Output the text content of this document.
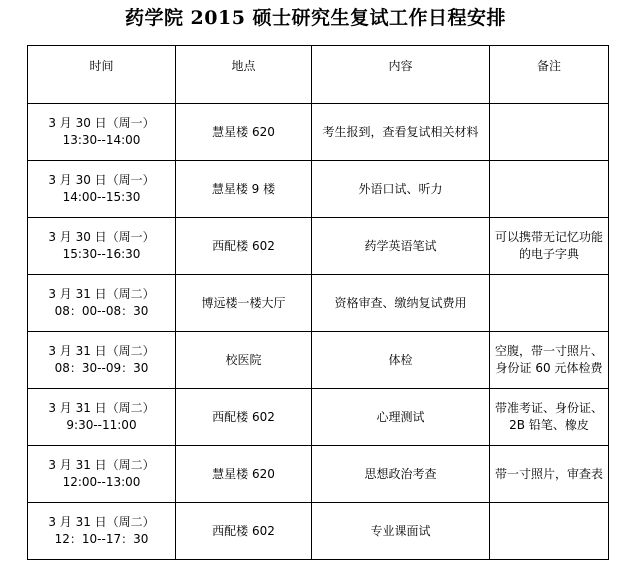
药学院 2015 硕士研究生复试工作日程安排
时间	地点	内容	备注

3 月 30 日（周一）
13:30--14:00	慧星楼 620	考生报到，查看复试相关材料	

3 月 30 日（周一）
14:00--15:30	慧星楼 9 楼	外语口试、听力	

3 月 30 日（周一）
15:30--16:30	西配楼 602	药学英语笔试	可以携带无记忆功能的电子字典

3 月 31 日（周二）
08：00--08：30	博远楼一楼大厅	资格审查、缴纳复试费用	

3 月 31 日（周二）
08：30--09：30	校医院	体检	空腹，带一寸照片、身份证 60 元体检费

3 月 31 日（周二）
9:30--11:00	西配楼 602	心理测试	带准考证、身份证、2B 铅笔、橡皮

3 月 31 日（周二）
12:00--13:00	慧星楼 620	思想政治考查	带一寸照片，审查表

3 月 31 日（周二）
12：10--17：30	西配楼 602	专业课面试	
